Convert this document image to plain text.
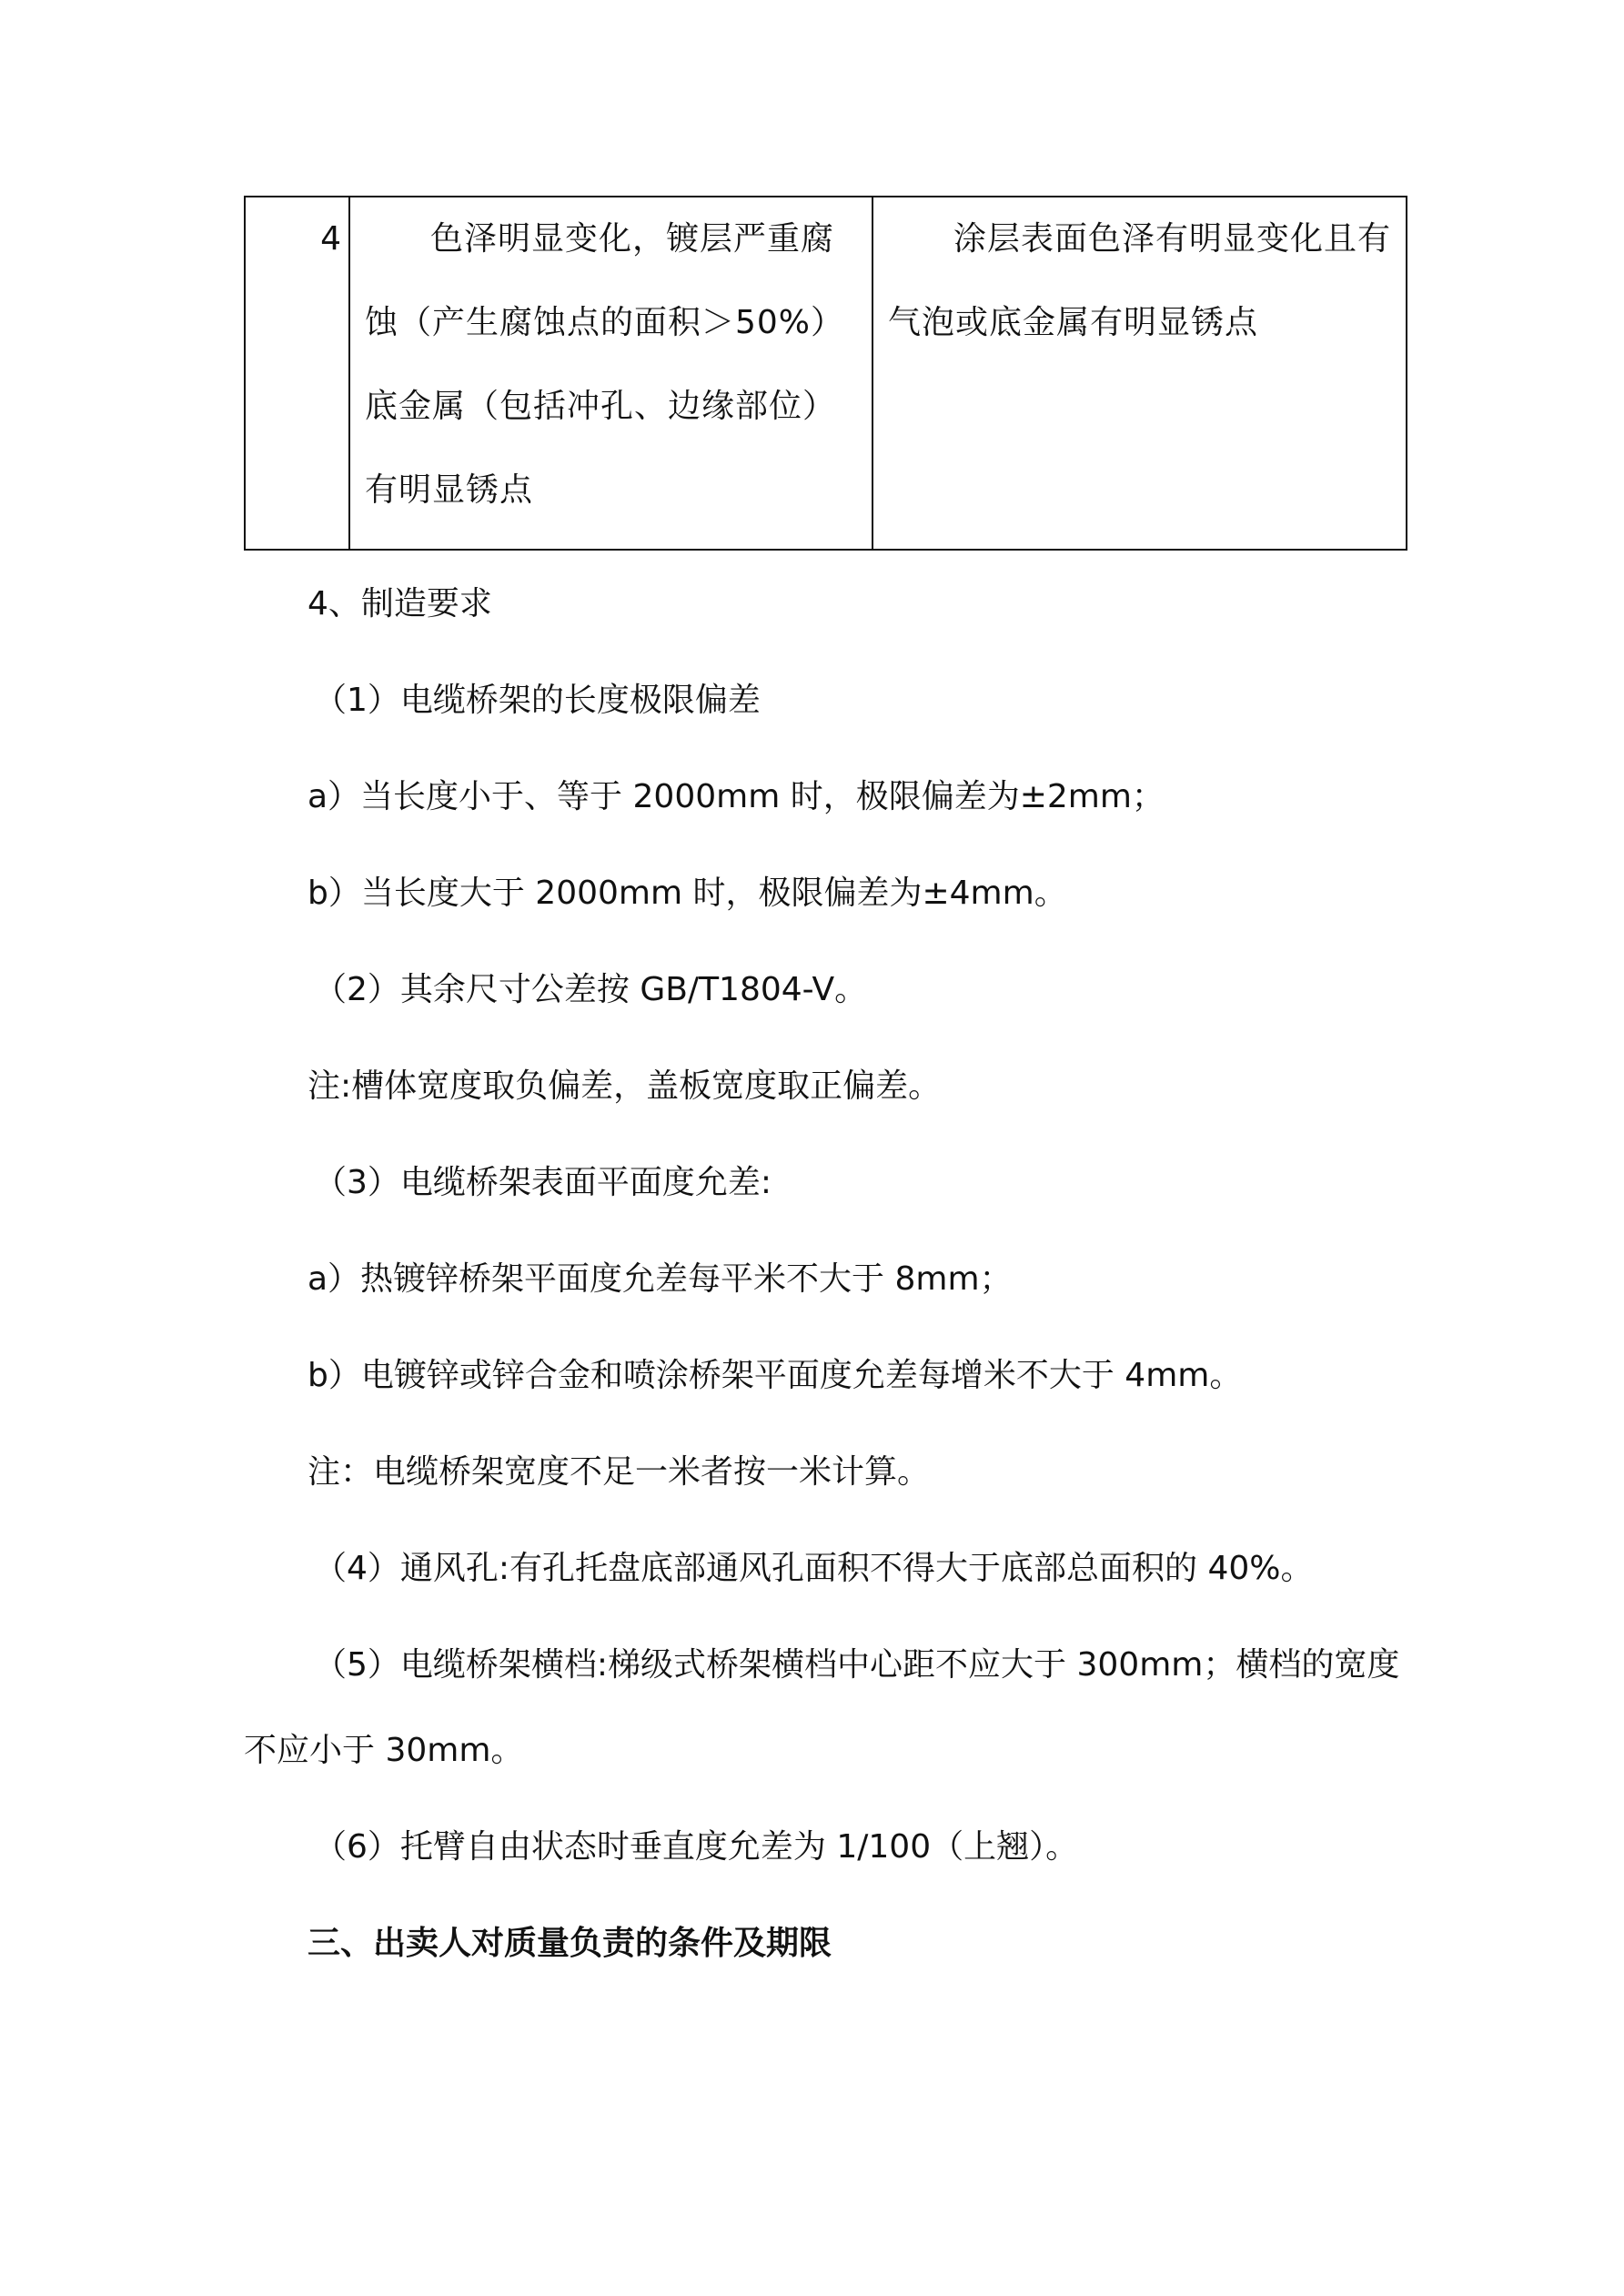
4	色泽明显变化，镀层严重腐蚀（产生腐蚀点的面积＞50%）底金属（包括冲孔、边缘部位）有明显锈点
涂层表面色泽有明显变化且有气泡或底金属有明显锈点
4、制造要求
（1）电缆桥架的长度极限偏差
a）当长度小于、等于 2000mm 时，极限偏差为±2mm；
b）当长度大于 2000mm 时，极限偏差为±4mm。
（2）其余尺寸公差按 GB/T1804-V。
注:槽体宽度取负偏差，盖板宽度取正偏差。
（3）电缆桥架表面平面度允差:
a）热镀锌桥架平面度允差每平米不大于 8mm；
b）电镀锌或锌合金和喷涂桥架平面度允差每增米不大于 4mm。
注：电缆桥架宽度不足一米者按一米计算。
（4）通风孔:有孔托盘底部通风孔面积不得大于底部总面积的 40%。
（5）电缆桥架横档:梯级式桥架横档中心距不应大于 300mm；横档的宽度
不应小于 30mm。
（6）托臂自由状态时垂直度允差为 1/100（上翘）。
三、出卖人对质量负责的条件及期限
